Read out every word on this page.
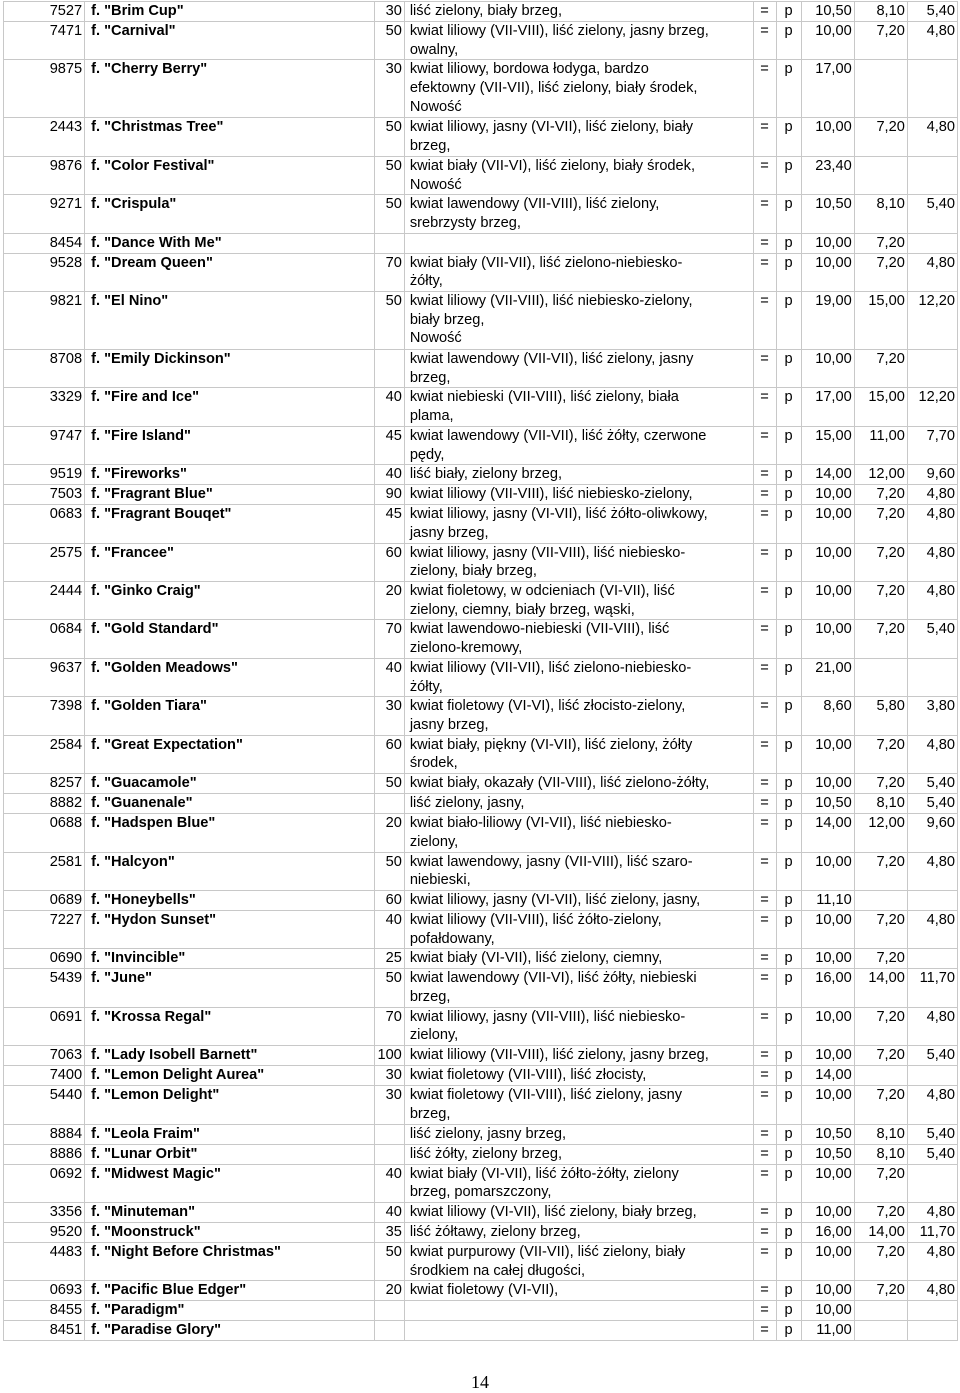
7527	f. "Brim Cup"	30	liść zielony, biały brzeg,	=	p	10,50	8,10	5,40
7471	f. "Carnival"	50	kwiat liliowy (VII-VIII), liść zielony, jasny brzeg,
owalny,	=	p	10,00	7,20	4,80
9875	f. "Cherry Berry"	30	kwiat liliowy, bordowa łodyga, bardzo
efektowny (VII-VII), liść zielony, biały środek,
Nowość	=	p	17,00		
2443	f. "Christmas Tree"	50	kwiat liliowy, jasny (VI-VII), liść zielony, biały
brzeg,	=	p	10,00	7,20	4,80
9876	f. "Color Festival"	50	kwiat biały (VII-VI), liść zielony, biały środek,
Nowość	=	p	23,40		
9271	f. "Crispula"	50	kwiat lawendowy (VII-VIII), liść zielony,
srebrzysty brzeg,	=	p	10,50	8,10	5,40
8454	f. "Dance With Me"			=	p	10,00	7,20	
9528	f. "Dream Queen"	70	kwiat biały (VII-VII), liść zielono-niebiesko-
żółty,	=	p	10,00	7,20	4,80
9821	f. "El Nino"	50	kwiat liliowy (VII-VIII), liść niebiesko-zielony,
biały brzeg,
Nowość	=	p	19,00	15,00	12,20
8708	f. "Emily Dickinson"		kwiat lawendowy (VII-VII), liść zielony, jasny
brzeg,	=	p	10,00	7,20	
3329	f. "Fire and Ice"	40	kwiat niebieski (VII-VIII), liść zielony, biała
plama,	=	p	17,00	15,00	12,20
9747	f. "Fire Island"	45	kwiat lawendowy (VII-VII), liść żółty, czerwone
pędy,	=	p	15,00	11,00	7,70
9519	f. "Fireworks"	40	liść biały, zielony brzeg,	=	p	14,00	12,00	9,60
7503	f. "Fragrant Blue"	90	kwiat liliowy (VII-VIII), liść niebiesko-zielony,	=	p	10,00	7,20	4,80
0683	f. "Fragrant Bouqet"	45	kwiat liliowy, jasny (VI-VII), liść żółto-oliwkowy,
jasny brzeg,	=	p	10,00	7,20	4,80
2575	f. "Francee"	60	kwiat liliowy, jasny (VII-VIII), liść niebiesko-
zielony, biały brzeg,	=	p	10,00	7,20	4,80
2444	f. "Ginko Craig"	20	kwiat fioletowy, w odcieniach (VI-VII), liść
zielony, ciemny, biały brzeg, wąski,	=	p	10,00	7,20	4,80
0684	f. "Gold Standard"	70	kwiat lawendowo-niebieski (VII-VIII), liść
zielono-kremowy,	=	p	10,00	7,20	5,40
9637	f. "Golden Meadows"	40	kwiat liliowy (VII-VII), liść zielono-niebiesko-
żółty,	=	p	21,00		
7398	f. "Golden Tiara"	30	kwiat fioletowy (VI-VI), liść złocisto-zielony,
jasny brzeg,	=	p	8,60	5,80	3,80
2584	f. "Great Expectation"	60	kwiat biały, piękny (VI-VII), liść zielony, żółty
środek,	=	p	10,00	7,20	4,80
8257	f. "Guacamole"	50	kwiat biały, okazały (VII-VIII), liść zielono-żółty,	=	p	10,00	7,20	5,40
8882	f. "Guanenale"		liść zielony, jasny,	=	p	10,50	8,10	5,40
0688	f. "Hadspen Blue"	20	kwiat biało-liliowy (VI-VII), liść niebiesko-
zielony,	=	p	14,00	12,00	9,60
2581	f. "Halcyon"	50	kwiat lawendowy, jasny (VII-VIII), liść szaro-
niebieski,	=	p	10,00	7,20	4,80
0689	f. "Honeybells"	60	kwiat liliowy, jasny (VI-VII), liść zielony, jasny,	=	p	11,10		
7227	f. "Hydon Sunset"	40	kwiat liliowy (VII-VIII), liść żółto-zielony,
pofałdowany,	=	p	10,00	7,20	4,80
0690	f. "Invincible"	25	kwiat biały (VI-VII), liść zielony, ciemny,	=	p	10,00	7,20	
5439	f. "June"	50	kwiat lawendowy (VII-VI), liść żółty, niebieski
brzeg,	=	p	16,00	14,00	11,70
0691	f. "Krossa Regal"	70	kwiat liliowy, jasny (VII-VIII), liść niebiesko-
zielony,	=	p	10,00	7,20	4,80
7063	f. "Lady Isobell Barnett"	100	kwiat liliowy (VII-VIII), liść zielony, jasny brzeg,	=	p	10,00	7,20	5,40
7400	f. "Lemon Delight Aurea"	30	kwiat fioletowy (VII-VIII), liść złocisty,	=	p	14,00		
5440	f. "Lemon Delight"	30	kwiat fioletowy (VII-VIII), liść zielony, jasny
brzeg,	=	p	10,00	7,20	4,80
8884	f. "Leola Fraim"		liść zielony, jasny brzeg,	=	p	10,50	8,10	5,40
8886	f. "Lunar Orbit"		liść żółty, zielony brzeg,	=	p	10,50	8,10	5,40
0692	f. "Midwest Magic"	40	kwiat biały (VI-VII), liść żółto-żółty, zielony
brzeg, pomarszczony,	=	p	10,00	7,20	
3356	f. "Minuteman"	40	kwiat liliowy (VI-VII), liść zielony, biały brzeg,	=	p	10,00	7,20	4,80
9520	f. "Moonstruck"	35	liść żółtawy, zielony brzeg,	=	p	16,00	14,00	11,70
4483	f. "Night Before Christmas"	50	kwiat purpurowy (VII-VII), liść zielony, biały
środkiem na całej długości,	=	p	10,00	7,20	4,80
0693	f. "Pacific Blue Edger"	20	kwiat fioletowy (VI-VII),	=	p	10,00	7,20	4,80
8455	f. "Paradigm"			=	p	10,00		
8451	f. "Paradise Glory"			=	p	11,00		
14
